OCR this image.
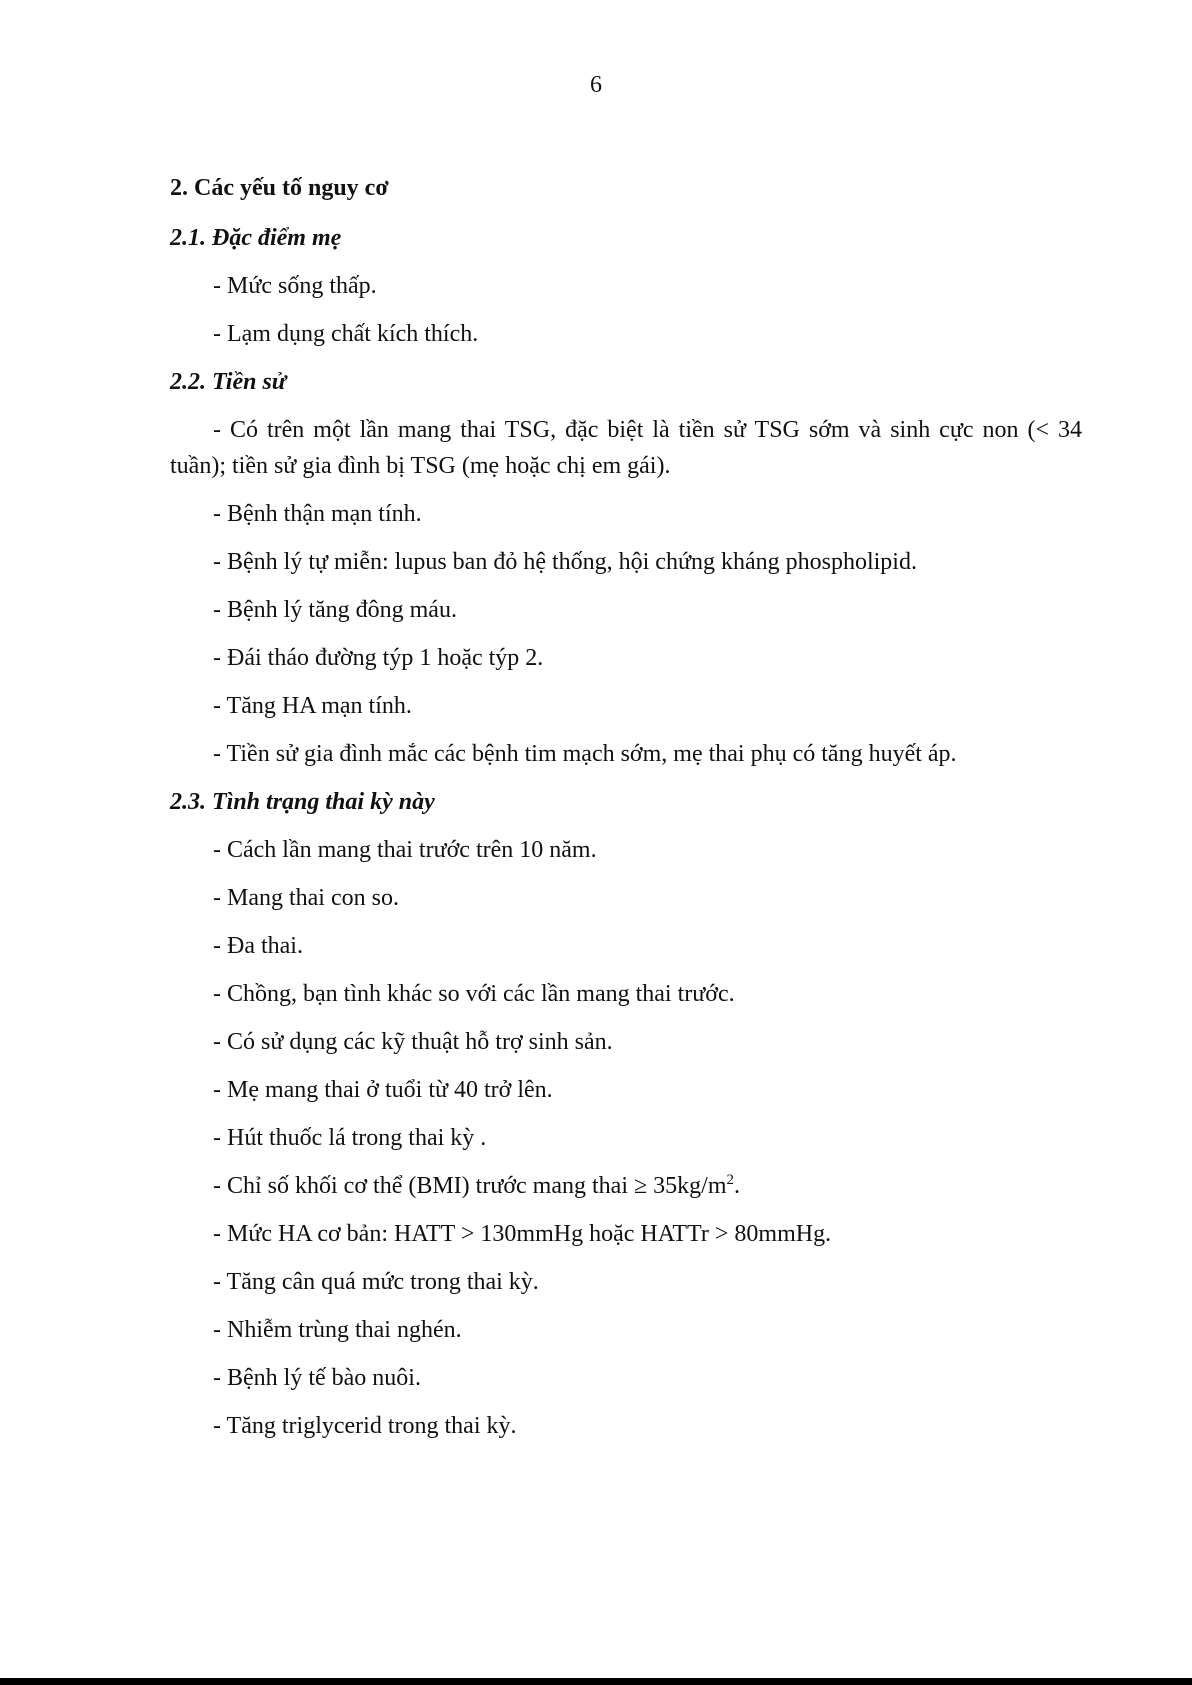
6
2. Các yếu tố nguy cơ
2.1. Đặc điểm mẹ
- Mức sống thấp.
- Lạm dụng chất kích thích.
2.2. Tiền sử
- Có trên một lần mang thai TSG, đặc biệt là tiền sử TSG sớm và sinh cực non (< 34 tuần); tiền sử gia đình bị TSG (mẹ hoặc chị em gái).
- Bệnh thận mạn tính.
- Bệnh lý tự miễn: lupus ban đỏ hệ thống, hội chứng kháng phospholipid.
- Bệnh lý tăng đông máu.
- Đái tháo đường týp 1 hoặc týp 2.
- Tăng HA mạn tính.
- Tiền sử gia đình mắc các bệnh tim mạch sớm, mẹ thai phụ có tăng huyết áp.
2.3. Tình trạng thai kỳ này
- Cách lần mang thai trước trên 10 năm.
- Mang thai con so.
- Đa thai.
- Chồng, bạn tình khác so với các lần mang thai trước.
- Có sử dụng các kỹ thuật hỗ trợ sinh sản.
- Mẹ mang thai ở tuổi từ 40 trở lên.
- Hút thuốc lá trong thai kỳ .
- Chỉ số khối cơ thể (BMI) trước mang thai ≥ $35kg/m^2$.
- Mức HA cơ bản: HATT > 130mmHg hoặc HATTr > 80mmHg.
- Tăng cân quá mức trong thai kỳ.
- Nhiễm trùng thai nghén.
- Bệnh lý tế bào nuôi.
- Tăng triglycerid trong thai kỳ.
